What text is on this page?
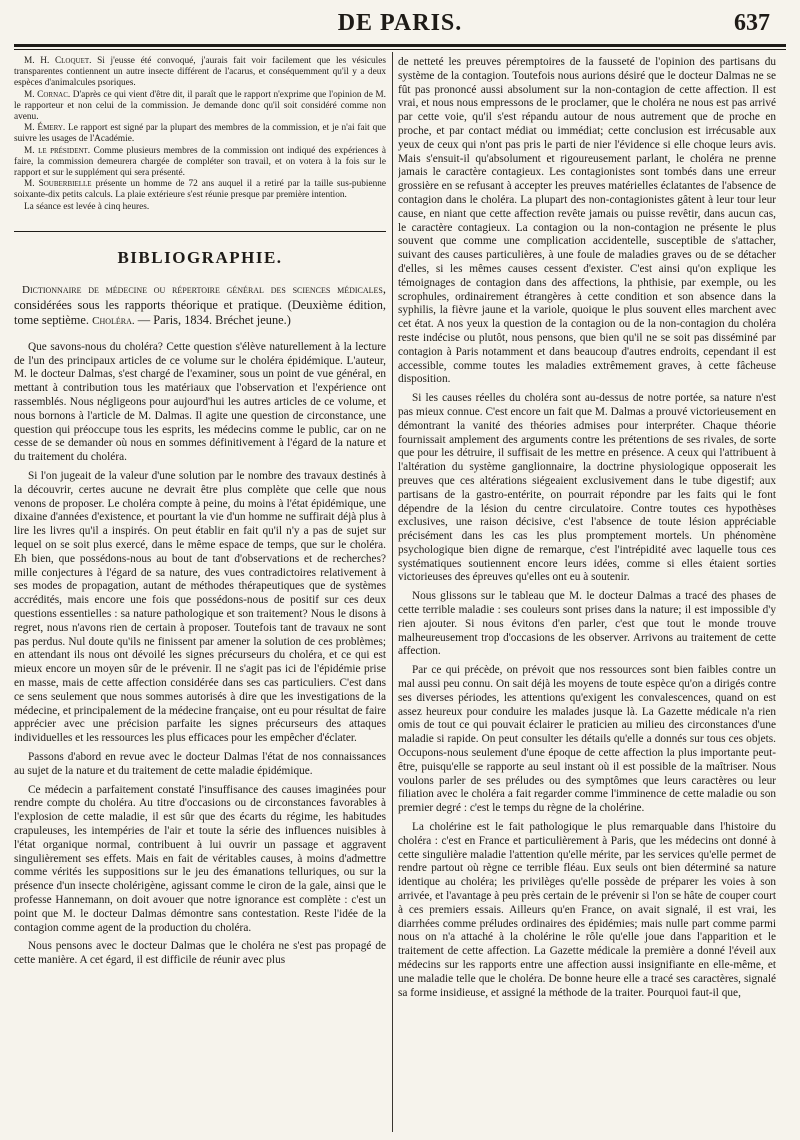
DE PARIS.	637

M. H. Cloquet. Si j'eusse été convoqué, j'aurais fait voir facilement que les vésicules transparentes contiennent un autre insecte différent de l'acarus, et conséquemment qu'il y a deux espèces d'animalcules psoriques.

M. Cornac. D'après ce qui vient d'être dit, il paraît que le rapport n'exprime que l'opinion de M. le rapporteur et non celui de la commission. Je demande donc qu'il soit considéré comme non avenu.

M. Émery. Le rapport est signé par la plupart des membres de la commission, et je n'ai fait que suivre les usages de l'Académie.

M. le président. Comme plusieurs membres de la commission ont indiqué des expériences à faire, la commission demeurera chargée de compléter son travail, et on votera à la fois sur le rapport et sur le supplément qui sera présenté.

M. Souberbielle présente un homme de 72 ans auquel il a retiré par la taille sus-pubienne soixante-dix petits calculs. La plaie extérieure s'est réunie presque par première intention.

La séance est levée à cinq heures.

BIBLIOGRAPHIE.

Dictionnaire de médecine ou répertoire général des sciences médicales, considérées sous les rapports théorique et pratique. (Deuxième édition, tome septième. Choléra. — Paris, 1834. Bréchet jeune.)

Que savons-nous du choléra? Cette question s'élève naturellement à la lecture de l'un des principaux articles de ce volume sur le choléra épidémique. L'auteur, M. le docteur Dalmas, s'est chargé de l'examiner, sous un point de vue général, en mettant à contribution tous les matériaux que l'observation et l'expérience ont rassemblés. Nous négligeons pour aujourd'hui les autres articles de ce volume, et nous bornons à l'article de M. Dalmas. Il agite une question de circonstance, une question qui préoccupe tous les esprits, les médecins comme le public, car on ne cesse de se demander où nous en sommes définitivement à l'égard de la nature et du traitement du choléra.

Si l'on jugeait de la valeur d'une solution par le nombre des travaux destinés à la découvrir, certes aucune ne devrait être plus complète que celle que nous venons de proposer. Le choléra compte à peine, du moins à l'état épidémique, une dixaine d'années d'existence, et pourtant la vie d'un homme ne suffirait déjà plus à lire les livres qu'il a inspirés. On peut établir en fait qu'il n'y a pas de sujet sur lequel on se soit plus exercé, dans le même espace de temps, que sur le choléra. Eh bien, que possédons-nous au bout de tant d'observations et de recherches? mille conjectures à l'égard de sa nature, des vues contradictoires relativement à ses modes de propagation, autant de méthodes thérapeutiques que de systèmes accrédités, mais encore une fois que possédons-nous de positif sur ces deux questions essentielles : sa nature pathologique et son traitement? Nous le disons à regret, nous n'avons rien de certain à proposer. Toutefois tant de travaux ne sont pas perdus. Nul doute qu'ils ne finissent par amener la solution de ces problèmes; en attendant ils nous ont dévoilé les signes précurseurs du choléra, et ce qui est mieux encore un moyen sûr de le prévenir. Il ne s'agit pas ici de l'épidémie prise en masse, mais de cette affection considérée dans ses cas particuliers. C'est dans ce sens seulement que nous sommes autorisés à dire que les investigations de la médecine, et principalement de la médecine française, ont eu pour résultat de faire apprécier avec une précision parfaite les signes précurseurs des attaques individuelles et les ressources les plus efficaces pour les empêcher d'éclater.

Passons d'abord en revue avec le docteur Dalmas l'état de nos connaissances au sujet de la nature et du traitement de cette maladie épidémique.

Ce médecin a parfaitement constaté l'insuffisance des causes imaginées pour rendre compte du choléra. Au titre d'occasions ou de circonstances favorables à l'explosion de cette maladie, il est sûr que des écarts du régime, les habitudes crapuleuses, les intempéries de l'air et toute la série des influences nuisibles à l'état organique normal, contribuent à lui ouvrir un passage et aggravent singulièrement ses effets. Mais en fait de véritables causes, à moins d'admettre comme vérités les suppositions sur le jeu des émanations telluriques, ou sur la présence d'un insecte cholérigène, agissant comme le ciron de la gale, ainsi que le professe Hannemann, on doit avouer que notre ignorance est complète : c'est un point que M. le docteur Dalmas démontre sans contestation. Reste l'idée de la contagion comme agent de la production du choléra.

Nous pensons avec le docteur Dalmas que le choléra ne s'est pas propagé de cette manière. A cet égard, il est difficile de réunir avec plus

de netteté les preuves péremptoires de la fausseté de l'opinion des partisans du système de la contagion. Toutefois nous aurions désiré que le docteur Dalmas ne se fût pas prononcé aussi absolument sur la non-contagion de cette affection. Il est vrai, et nous nous empressons de le proclamer, que le choléra ne nous est pas arrivé par cette voie, qu'il s'est répandu autour de nous autrement que de proche en proche, et par contact médiat ou immédiat; cette conclusion est irrécusable aux yeux de ceux qui n'ont pas pris le parti de nier l'évidence si elle choque leurs avis. Mais s'ensuit-il qu'absolument et rigoureusement parlant, le choléra ne prenne jamais le caractère contagieux. Les contagionistes sont tombés dans une erreur grossière en se refusant à accepter les preuves matérielles éclatantes de l'absence de contagion dans le choléra. La plupart des non-contagionistes gâtent à leur tour leur cause, en niant que cette affection revête jamais ou puisse revêtir, dans aucun cas, le caractère contagieux. La contagion ou la non-contagion ne présente le plus souvent que comme une complication accidentelle, susceptible de s'attacher, suivant des causes particulières, à une foule de maladies graves ou de se détacher d'elles, si les mêmes causes cessent d'exister. C'est ainsi qu'on explique les témoignages de contagion dans des affections, la phthisie, par exemple, ou les scrophules, ordinairement étrangères à cette condition et son absence dans la syphilis, la fièvre jaune et la variole, quoique le plus souvent elles marchent avec cet état. A nos yeux la question de la contagion ou de la non-contagion du choléra reste indécise ou plutôt, nous pensons, que bien qu'il ne se soit pas disséminé par contagion à Paris notamment et dans beaucoup d'autres endroits, cependant il est accessible, comme toutes les maladies extrêmement graves, à cette fâcheuse disposition.

Si les causes réelles du choléra sont au-dessus de notre portée, sa nature n'est pas mieux connue. C'est encore un fait que M. Dalmas a prouvé victorieusement en démontrant la vanité des théories admises pour interpréter. Chaque théorie fournissait amplement des arguments contre les prétentions de ses rivales, de sorte que pour les détruire, il suffisait de les mettre en présence. A ceux qui l'attribuent à l'altération du système ganglionnaire, la doctrine physiologique opposerait les preuves que ces altérations siégeaient exclusivement dans le tube digestif; aux partisans de la gastro-entérite, on pourrait répondre par les faits qui le font dépendre de la lésion du centre circulatoire. Contre toutes ces hypothèses exclusives, une raison décisive, c'est l'absence de toute lésion appréciable précisément dans les cas les plus promptement mortels. Un phénomène psychologique bien digne de remarque, c'est l'intrépidité avec laquelle tous ces systématiques soutiennent encore leurs idées, comme si elles étaient sorties victorieuses des épreuves qu'elles ont eu à soutenir.

Nous glissons sur le tableau que M. le docteur Dalmas a tracé des phases de cette terrible maladie : ses couleurs sont prises dans la nature; il est impossible d'y rien ajouter. Si nous évitons d'en parler, c'est que tout le monde trouve malheureusement trop d'occasions de les observer. Arrivons au traitement de cette affection.

Par ce qui précède, on prévoit que nos ressources sont bien faibles contre un mal aussi peu connu. On sait déjà les moyens de toute espèce qu'on a dirigés contre ses diverses périodes, les attentions qu'exigent les convalescences, quand on est assez heureux pour conduire les malades jusque là. La Gazette médicale n'a rien omis de tout ce qui pouvait éclairer le praticien au milieu des circonstances d'une maladie si rapide. On peut consulter les détails qu'elle a donnés sur tous ces objets. Occupons-nous seulement d'une époque de cette affection la plus importante peut-être, puisqu'elle se rapporte au seul instant où il est possible de la maîtriser. Nous voulons parler de ses préludes ou des symptômes que leurs caractères ou leur filiation avec le choléra a fait regarder comme l'imminence de cette maladie ou son premier degré : c'est le temps du règne de la cholérine.

La cholérine est le fait pathologique le plus remarquable dans l'histoire du choléra : c'est en France et particulièrement à Paris, que les médecins ont donné à cette singulière maladie l'attention qu'elle mérite, par les services qu'elle permet de rendre partout où règne ce terrible fléau. Eux seuls ont bien déterminé sa nature identique au choléra; les privilèges qu'elle possède de préparer les voies à son arrivée, et l'avantage à peu près certain de le prévenir si l'on se hâte de couper court à ces premiers essais. Ailleurs qu'en France, on avait signalé, il est vrai, les diarrhées comme préludes ordinaires des épidémies; mais nulle part comme parmi nous on n'a attaché à la cholérine le rôle qu'elle joue dans l'apparition et le traitement de cette affection. La Gazette médicale la première a donné l'éveil aux médecins sur les rapports entre une affection aussi insignifiante en elle-même, et une maladie telle que le choléra. De bonne heure elle a tracé ses caractères, signalé sa forme insidieuse, et assigné la méthode de la traiter. Pourquoi faut-il que,
